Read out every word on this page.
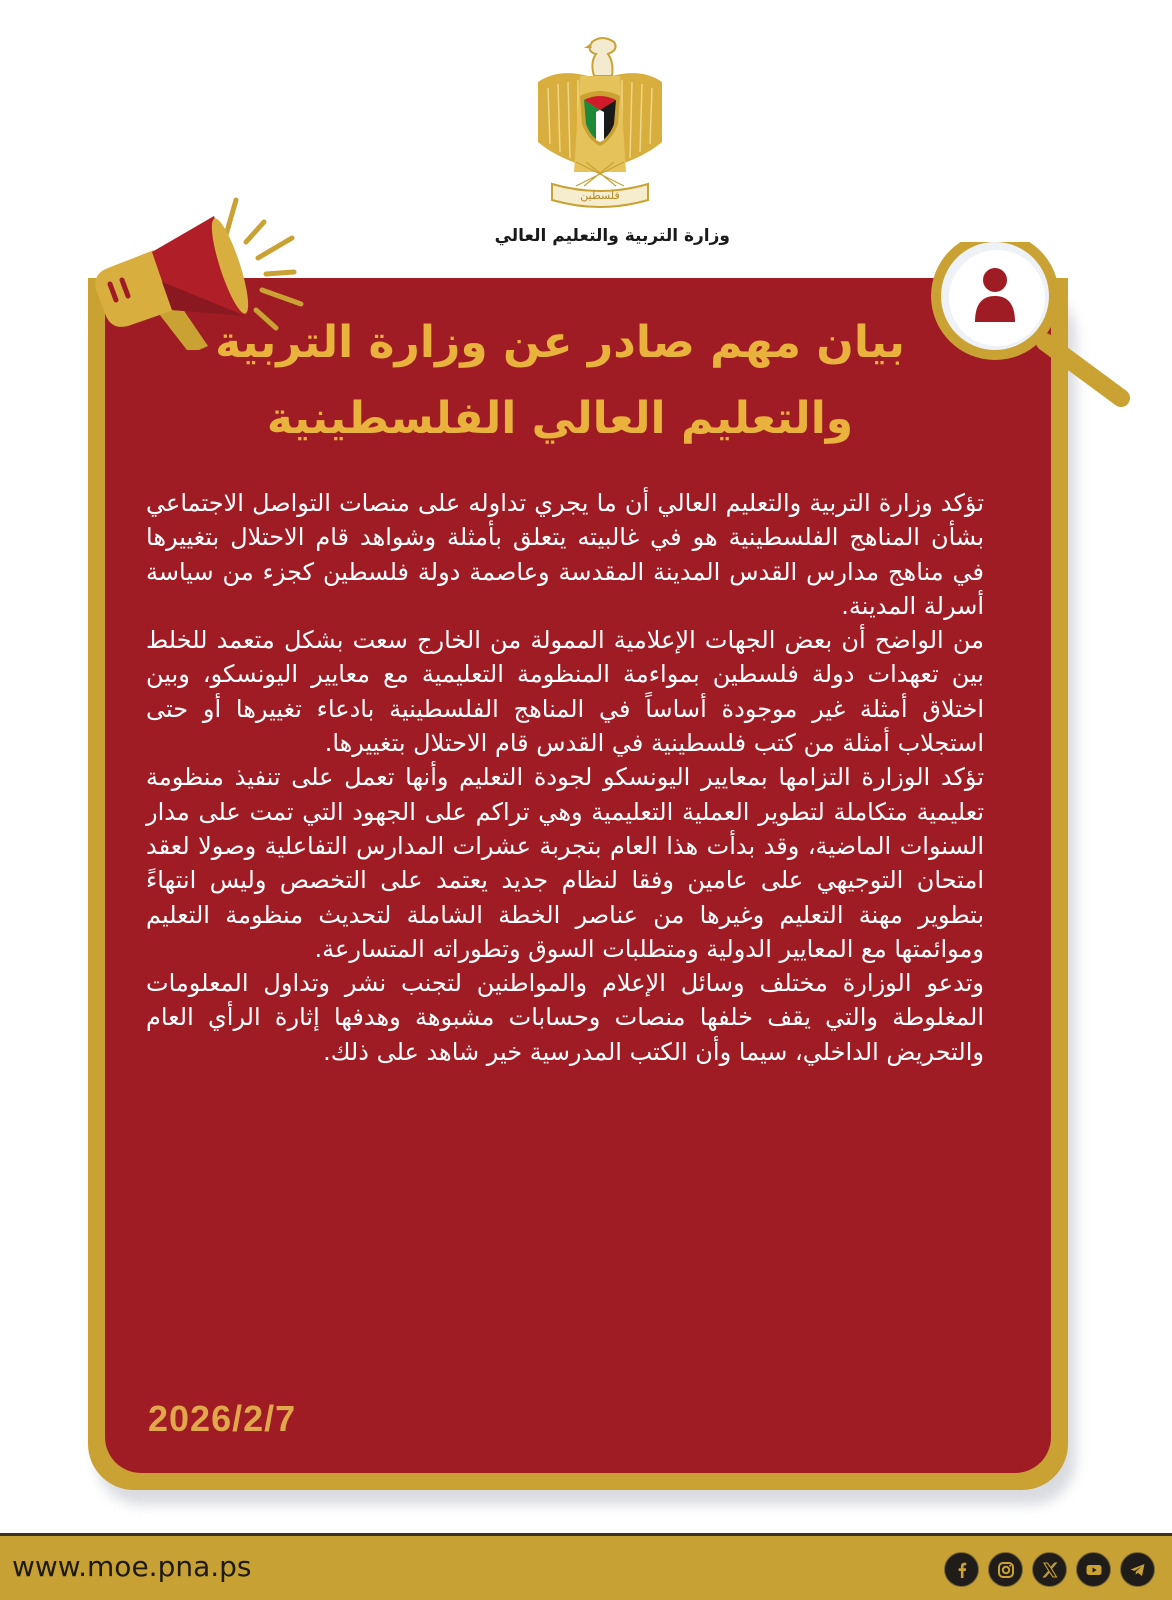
فلسطين
وزارة التربية والتعليم العالي
بيان مهم صادر عن وزارة التربية
والتعليم العالي الفلسطينية

تؤكد وزارة التربية والتعليم العالي أن ما يجري تداوله على منصات التواصل الاجتماعي بشأن المناهج الفلسطينية هو في غالبيته يتعلق بأمثلة وشواهد قام الاحتلال بتغييرها في مناهج مدارس القدس المدينة المقدسة وعاصمة دولة فلسطين كجزء من سياسة أسرلة المدينة.

من الواضح أن بعض الجهات الإعلامية الممولة من الخارج سعت بشكل متعمد للخلط بين تعهدات دولة فلسطين بمواءمة المنظومة التعليمية مع معايير اليونسكو، وبين اختلاق أمثلة غير موجودة أساساً في المناهج الفلسطينية بادعاء تغييرها أو حتى استجلاب أمثلة من كتب فلسطينية في القدس قام الاحتلال بتغييرها.

تؤكد الوزارة التزامها بمعايير اليونسكو لجودة التعليم وأنها تعمل على تنفيذ منظومة تعليمية متكاملة لتطوير العملية التعليمية وهي تراكم على الجهود التي تمت على مدار السنوات الماضية، وقد بدأت هذا العام بتجربة عشرات المدارس التفاعلية وصولا لعقد امتحان التوجيهي على عامين وفقا لنظام جديد يعتمد على التخصص وليس انتهاءً بتطوير مهنة التعليم وغيرها من عناصر الخطة الشاملة لتحديث منظومة التعليم وموائمتها مع المعايير الدولية ومتطلبات السوق وتطوراته المتسارعة.

وتدعو الوزارة مختلف وسائل الإعلام والمواطنين لتجنب نشر وتداول المعلومات المغلوطة والتي يقف خلفها منصات وحسابات مشبوهة وهدفها إثارة الرأي العام والتحريض الداخلي، سيما وأن الكتب المدرسية خير شاهد على ذلك.

2026/2/7
www.moe.pna.ps
